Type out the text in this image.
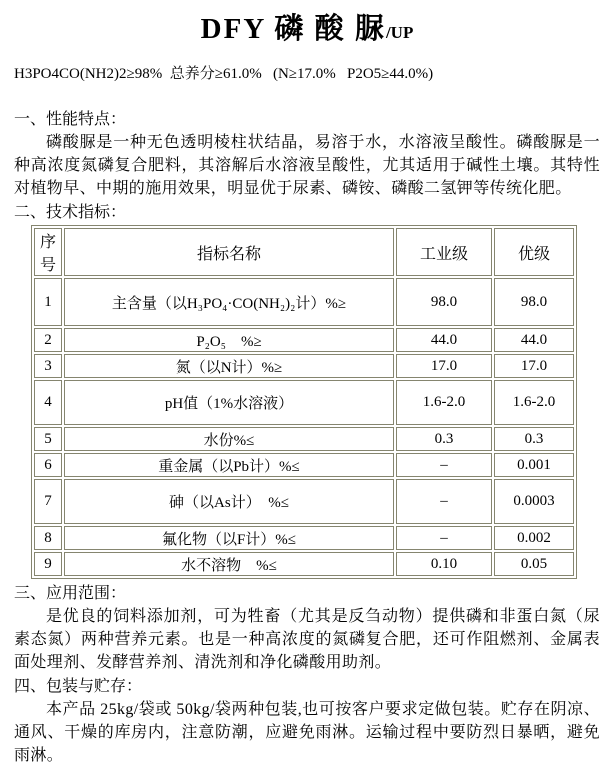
DFY 磷 酸 脲/UP
H3PO4CO(NH2)2≥98%  总养分≥61.0%   (N≥17.0%   P2O5≥44.0%)
一、性能特点：

磷酸脲是一种无色透明棱柱状结晶，易溶于水，水溶液呈酸性。磷酸脲是一种高浓度氮磷复合肥料，其溶解后水溶液呈酸性，尤其适用于碱性土壤。其特性对植物早、中期的施用效果，明显优于尿素、磷铵、磷酸二氢钾等传统化肥。

二、技术指标：
序号	指标名称	工业级	优级
1	主含量（以H₃PO₄·CO(NH₂)₂计）%≥	98.0	98.0
2	P₂O₅　%≥	44.0	44.0
3	氮（以N计）%≥	17.0	17.0
4	pH值（1%水溶液）	1.6-2.0	1.6-2.0
5	水份%≤	0.3	0.3
6	重金属（以Pb计）%≤	–	0.001
7	砷（以As计）　%≤	–	0.0003
8	氟化物（以F计）%≤	–	0.002
9	水不溶物　%≤	0.10	0.05
三、应用范围：

是优良的饲料添加剂，可为牲畜（尤其是反刍动物）提供磷和非蛋白氮（尿素态氮）两种营养元素。也是一种高浓度的氮磷复合肥，还可作阻燃剂、金属表面处理剂、发酵营养剂、清洗剂和净化磷酸用助剂。

四、包装与贮存：

本产品 25kg/袋或 50kg/袋两种包装,也可按客户要求定做包装。贮存在阴凉、通风、干燥的库房内，注意防潮，应避免雨淋。运输过程中要防烈日暴晒，避免雨淋。
